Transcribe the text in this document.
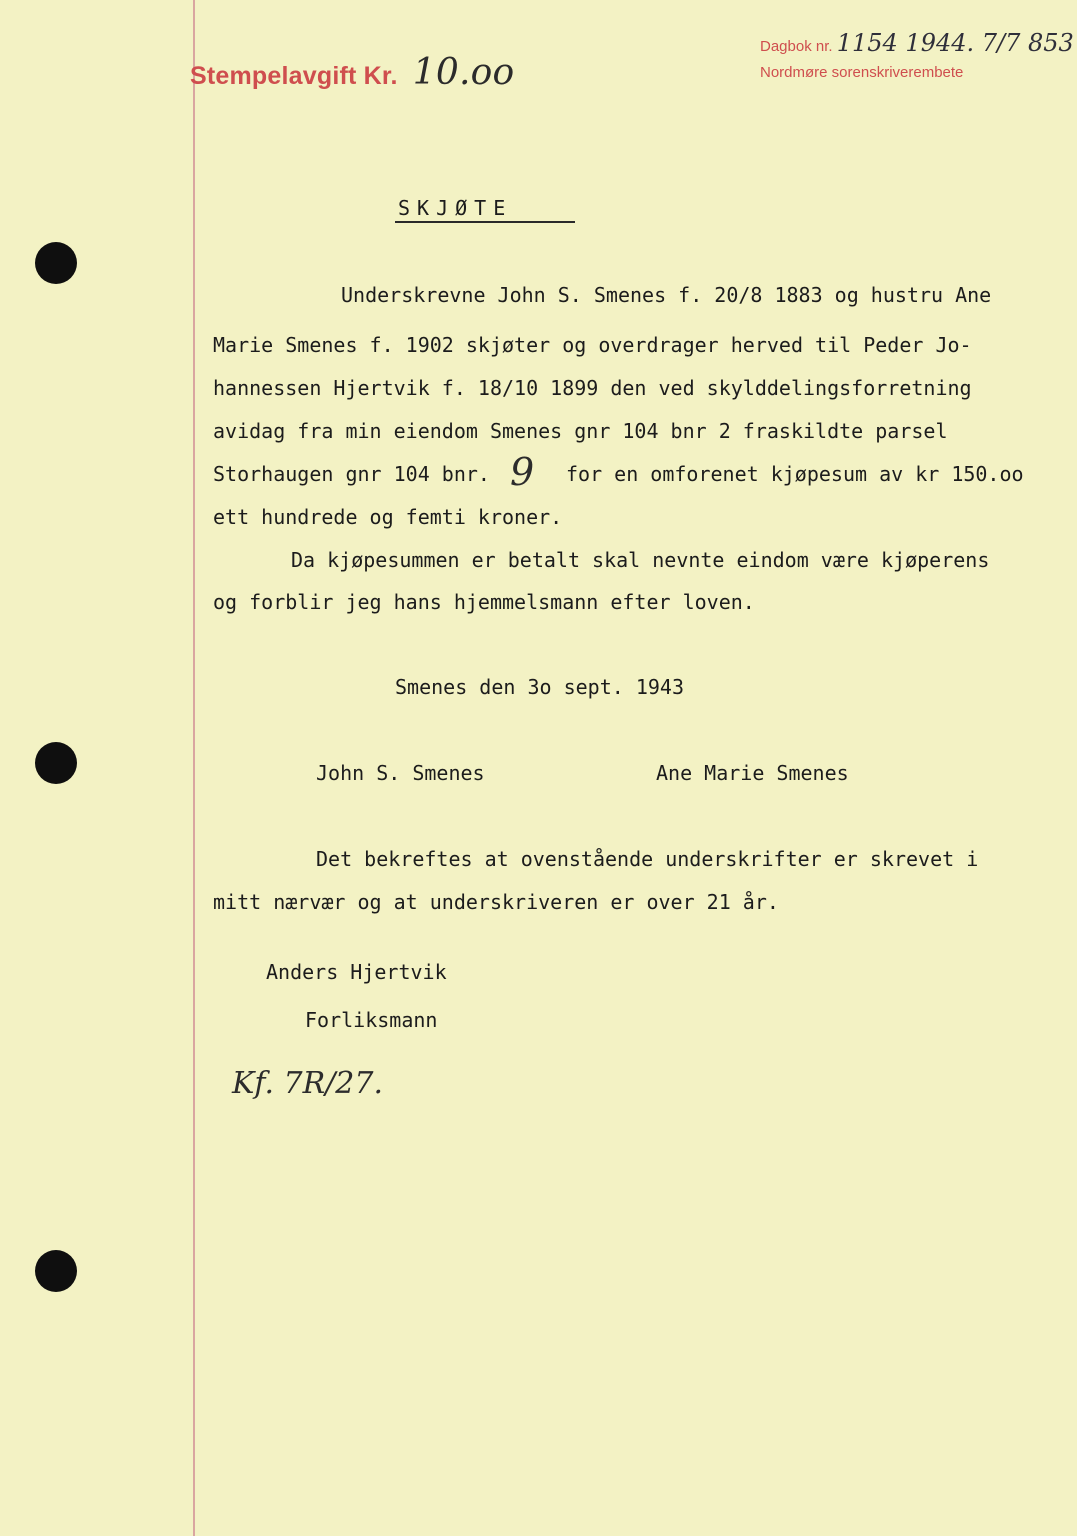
Stempelavgift Kr. 10.oo
Dagbok nr. 1154 1944. 7/7 853
Nordmøre sorenskriverembete
SKJØTE
Underskrevne John S. Smenes f. 20/8 1883 og hustru Ane
Marie Smenes f. 1902 skjøter og overdrager herved til Peder Jo-
hannessen Hjertvik f. 18/10 1899 den ved skylddelingsforretning
avidag fra min eiendom Smenes gnr 104 bnr 2 fraskildte parsel
Storhaugen gnr 104 bnr. 9 for en omforenet kjøpesum av kr 150.oo
ett hundrede og femti kroner.
Da kjøpesummen er betalt skal nevnte eindom være kjøperens
og forblir jeg hans hjemmelsmann efter loven.
Smenes den 3o sept. 1943
John S. Smenes	Ane Marie Smenes
Det bekreftes at ovenstående underskrifter er skrevet i
mitt nærvær og at underskriveren er over 21 år.
Anders Hjertvik
Forliksmann
Kf. 7R/27.
